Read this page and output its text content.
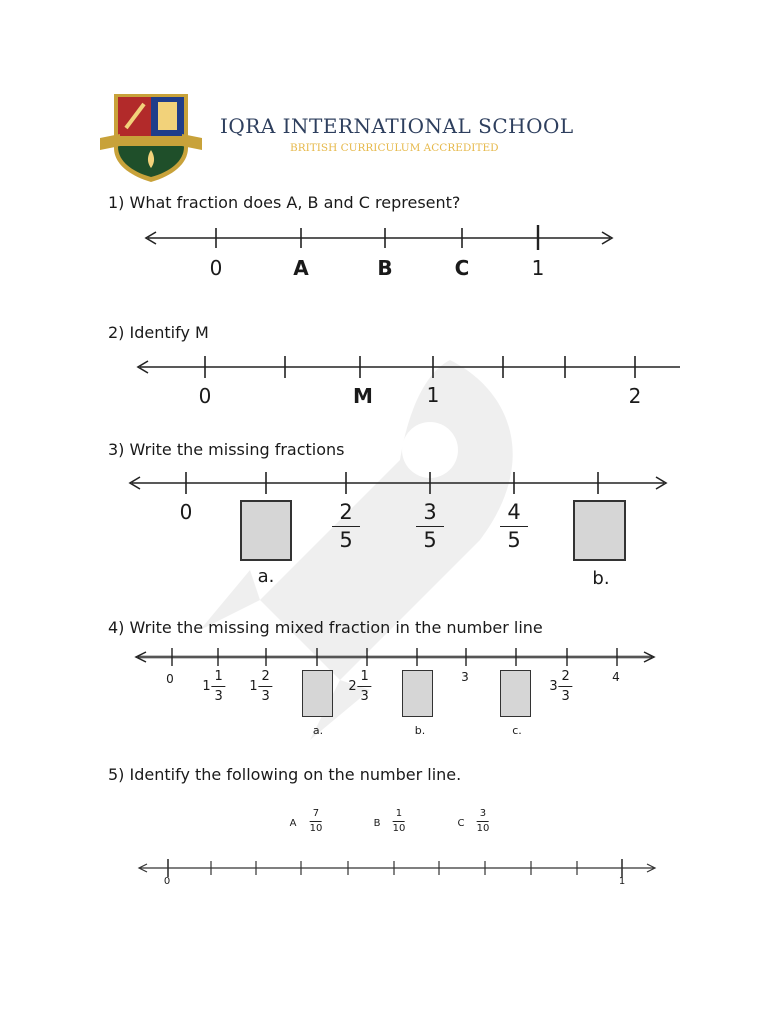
IQRA INTERNATIONAL SCHOOL
BRITISH CURRICULUM ACCREDITED
1) What fraction does A, B and C represent?
0	A	B	C	1
2) Identify M
0	M	1	2
3) Write the missing fractions
0
a.
2
5
3
5
4
5
b.
4) Write the missing mixed fraction in the number line
0
1
1
3
1
2
3
a.
2
1
3
b.
3
c.
3
2
3
4
5) Identify the following on the number line.
A
7
10	B
1
10	C
3
10
0	1
